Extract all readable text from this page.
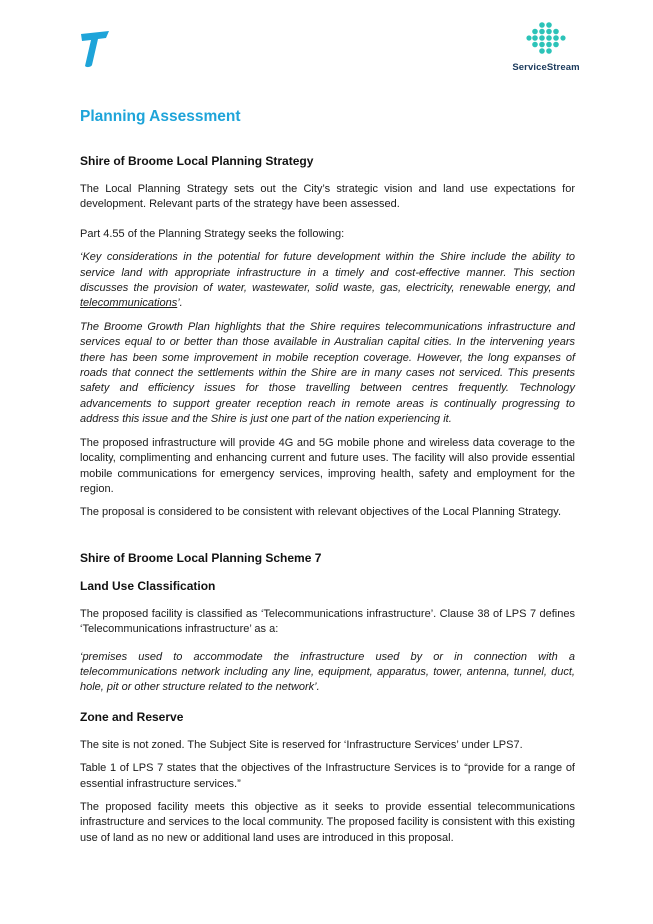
ServiceStream
Planning Assessment
Shire of Broome Local Planning Strategy

The Local Planning Strategy sets out the City’s strategic vision and land use expectations for development. Relevant parts of the strategy have been assessed.

Part 4.55 of the Planning Strategy seeks the following:

‘Key considerations in the potential for future development within the Shire include the ability to service land with appropriate infrastructure in a timely and cost-effective manner. This section discusses the provision of water, wastewater, solid waste, gas, electricity, renewable energy, and telecommunications’.

The Broome Growth Plan highlights that the Shire requires telecommunications infrastructure and services equal to or better than those available in Australian capital cities. In the intervening years there has been some improvement in mobile reception coverage. However, the long expanses of roads that connect the settlements within the Shire are in many cases not serviced. This presents safety and efficiency issues for those travelling between centres frequently. Technology advancements to support greater reception reach in remote areas is continually progressing to address this issue and the Shire is just one part of the nation experiencing it.

The proposed infrastructure will provide 4G and 5G mobile phone and wireless data coverage to the locality, complimenting and enhancing current and future uses. The facility will also provide essential mobile communications for emergency services, improving health, safety and employment for the region.

The proposal is considered to be consistent with relevant objectives of the Local Planning Strategy.

Shire of Broome Local Planning Scheme 7
Land Use Classification

The proposed facility is classified as ‘Telecommunications infrastructure’. Clause 38 of LPS 7 defines ‘Telecommunications infrastructure’ as a:

‘premises used to accommodate the infrastructure used by or in connection with a telecommunications network including any line, equipment, apparatus, tower, antenna, tunnel, duct, hole, pit or other structure related to the network’.

Zone and Reserve

The site is not zoned. The Subject Site is reserved for ‘Infrastructure Services’ under LPS7.

Table 1 of LPS 7 states that the objectives of the Infrastructure Services is to “provide for a range of essential infrastructure services.”

The proposed facility meets this objective as it seeks to provide essential telecommunications infrastructure and services to the local community. The proposed facility is consistent with this existing use of land as no new or additional land uses are introduced in this proposal.
